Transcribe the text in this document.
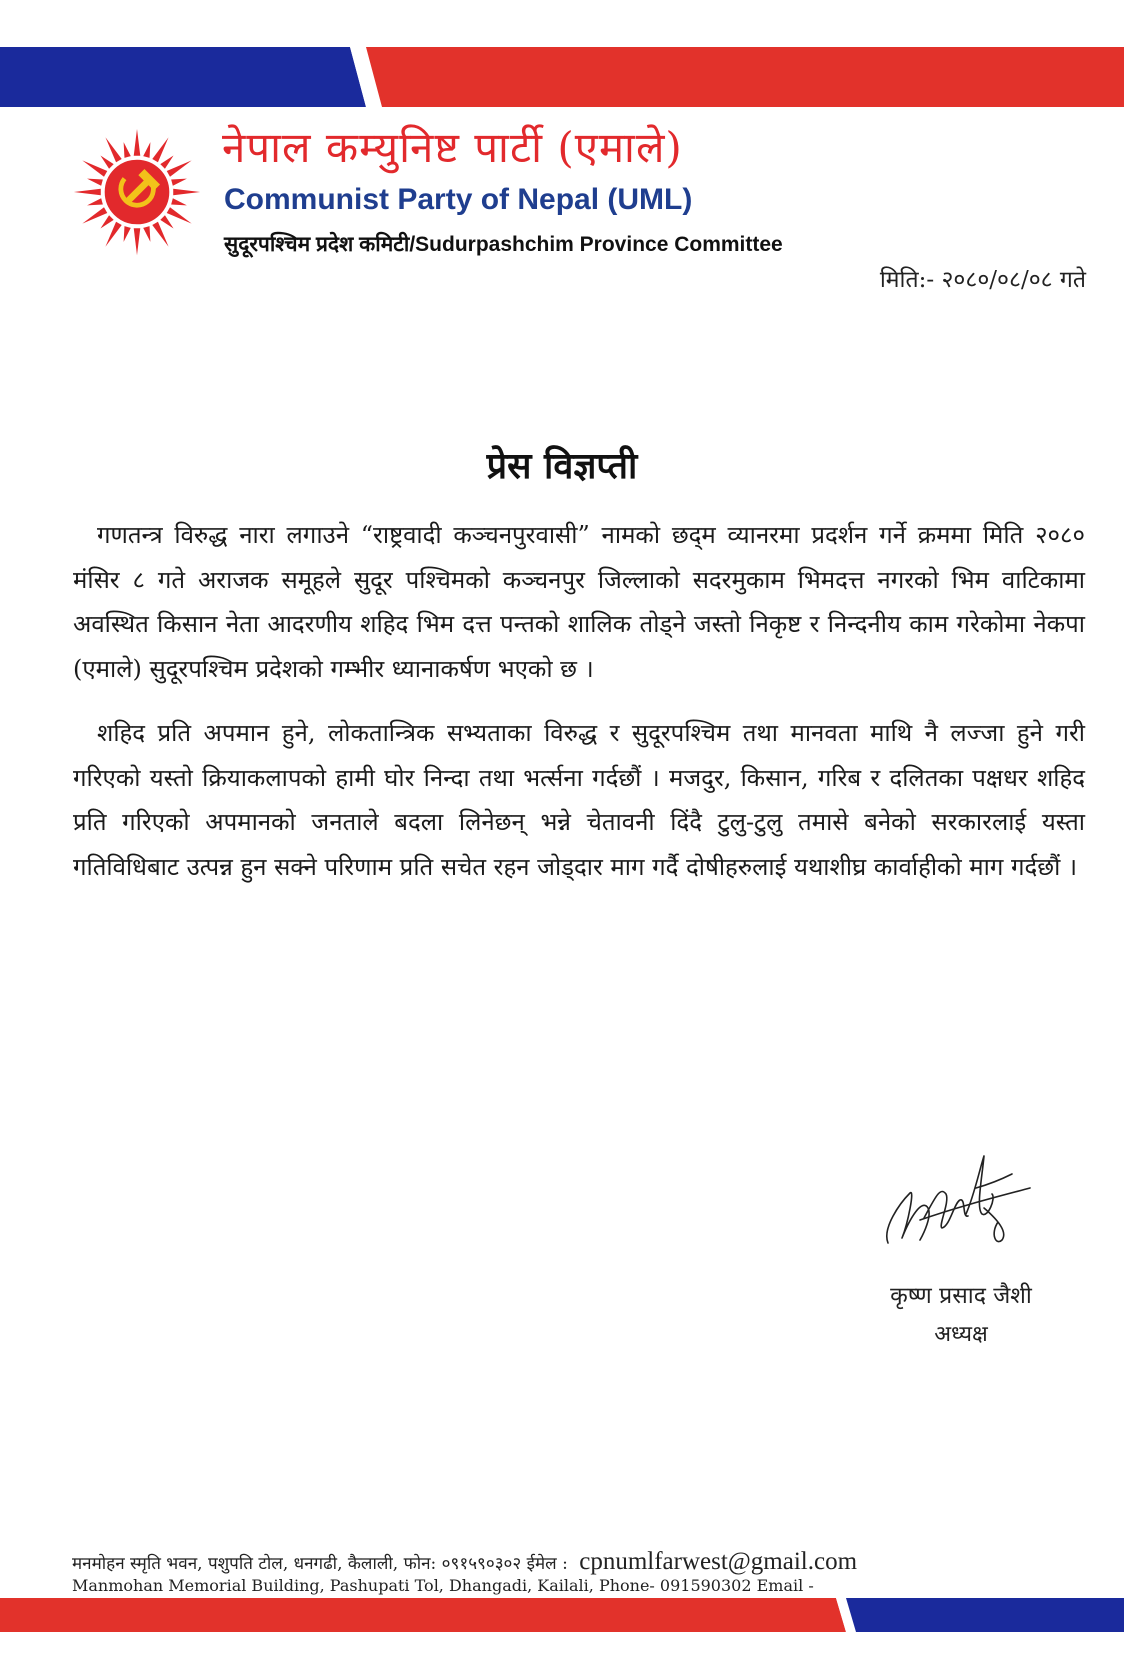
नेपाल कम्युनिष्ट पार्टी (एमाले)
Communist Party of Nepal (UML)
सुदूरपश्चिम प्रदेश कमिटी/Sudurpashchim Province Committee
मिति:- २०८०/०८/०८ गते
प्रेस विज्ञप्ती

गणतन्त्र विरुद्ध नारा लगाउने “राष्ट्रवादी कञ्चनपुरवासी” नामको छद्‍म व्यानरमा प्रदर्शन गर्ने क्रममा मिति २०८० मंसिर ८ गते अराजक समूहले सुदूर पश्चिमको कञ्चनपुर जिल्लाको सदरमुकाम भिमदत्त नगरको भिम वाटिकामा अवस्थित किसान नेता आदरणीय शहिद भिम दत्त पन्तको शालिक तोड्ने जस्तो निकृष्ट र निन्दनीय काम गरेकोमा नेकपा (एमाले) सुदूरपश्चिम प्रदेशको गम्भीर ध्यानाकर्षण भएको छ ।

शहिद प्रति अपमान हुने, लोकतान्त्रिक सभ्यताका विरुद्ध र सुदूरपश्चिम तथा मानवता माथि नै लज्जा हुने गरी गरिएको यस्तो क्रियाकलापको हामी घोर निन्दा तथा भर्त्सना गर्दछौं । मजदुर, किसान, गरिब र दलितका पक्षधर शहिद प्रति गरिएको अपमानको जनताले बदला लिनेछन् भन्ने चेतावनी दिंदै टुलु-टुलु तमासे बनेको सरकारलाई यस्ता गतिविधिबाट उत्पन्न हुन सक्ने परिणाम प्रति सचेत रहन जोड्दार माग गर्दै दोषीहरुलाई यथाशीघ्र कार्वाहीको माग गर्दछौं ।

कृष्ण प्रसाद जैशी
अध्यक्ष
मनमोहन स्मृति भवन, पशुपति टोल, धनगढी, कैलाली, फोन: ०९१५९०३०२ ईमेल : cpnumlfarwest@gmail.com
Manmohan Memorial Building, Pashupati Tol, Dhangadi, Kailali, Phone- 091590302 Email -
